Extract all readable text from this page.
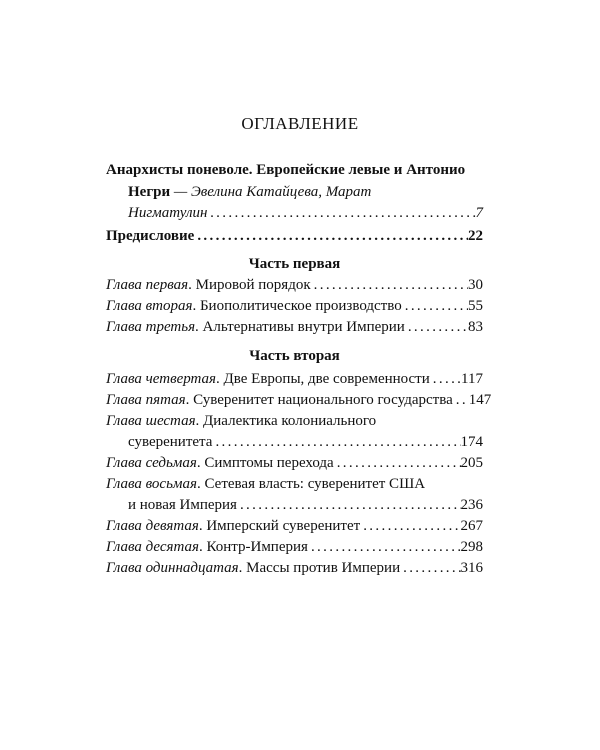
ОГЛАВЛЕНИЕ
Анархисты поневоле. Европейские левые и Антонио
Негри — Эвелина Катайцева, Марат
Нигматулин . . .	7
Предисловие . . .	22
Часть первая
Глава первая . Мировой порядок . . .	30
Глава вторая . Биополитическое производство . . .	55
Глава третья . Альтернативы внутри Империи . . .	83
Часть вторая
Глава четвертая . Две Европы, две современности . . . 117
Глава пятая . Суверенитет национального государства . . . 147
Глава шестая . Диалектика колониального
суверенитета . . .	174
Глава седьмая . Симптомы перехода . . .	205
Глава восьмая . Сетевая власть: суверенитет США
и новая Империя . . .	236
Глава девятая . Имперский суверенитет . . .	267
Глава десятая . Контр-Империя . . .	298
Глава одиннадцатая . Массы против Империи . . .	316
